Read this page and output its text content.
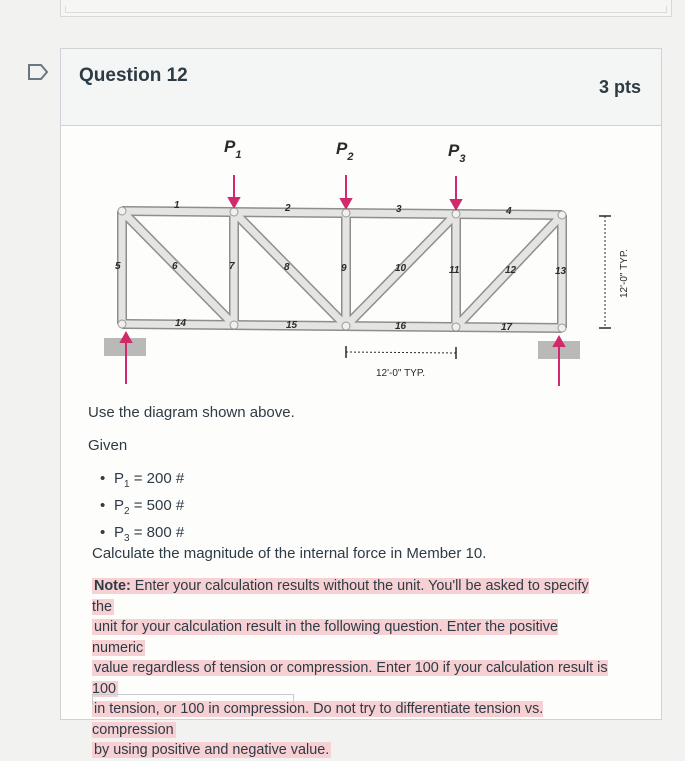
Question 12
3 pts
$P_1$	$P_2$	$P_3$
1	2	3	4
5	6	7	8	9	10	11	12	13
14	15	16	17
12'-0" TYP.
12'-0" TYP.
Use the diagram shown above.
Given
• $P_1 = 200$ #
• $P_2 = 500$ #
• $P_3 = 800$ #
Calculate the magnitude of the internal force in Member 10.
Note: Enter your calculation results without the unit. You'll be asked to specify the
unit for your calculation result in the following question. Enter the positive numeric
value regardless of tension or compression. Enter 100 if your calculation result is 100
in tension, or 100 in compression. Do not try to differentiate tension vs. compression
by using positive and negative value.
